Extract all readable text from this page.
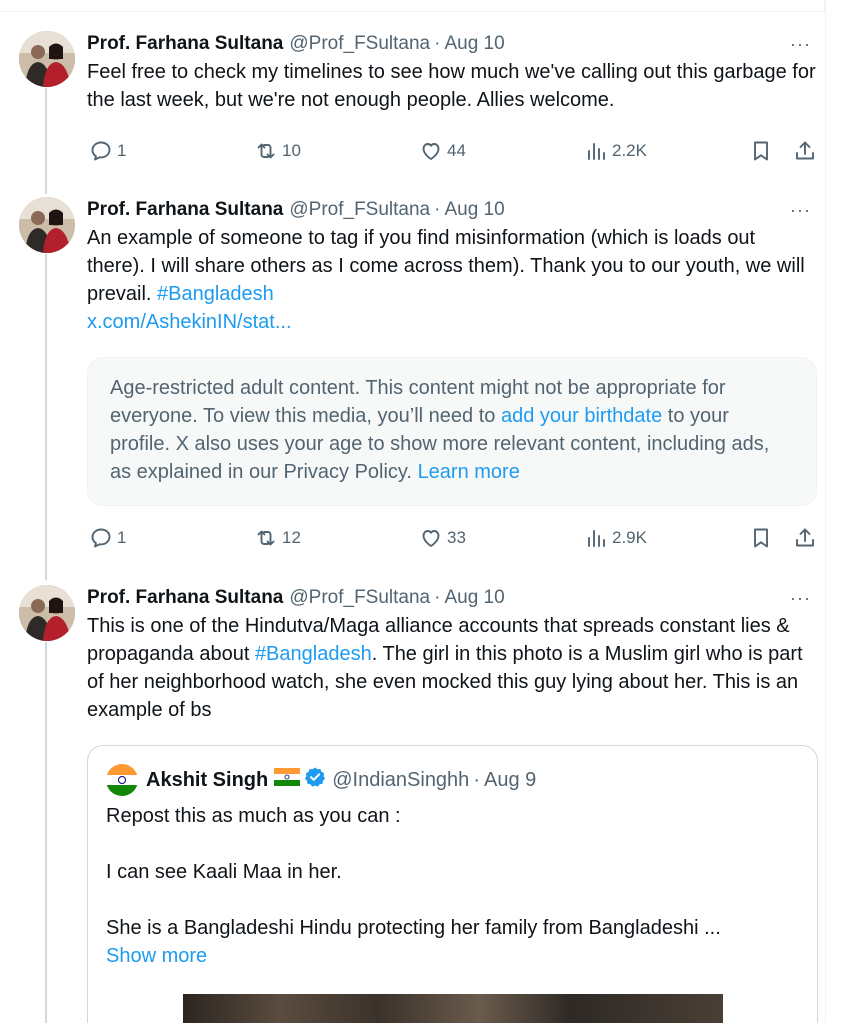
Prof. Farhana Sultana @Prof_FSultana · Aug 10	···
Feel free to check my timelines to see how much we've calling out this garbage for the last week, but we're not enough people. Allies welcome.
1	10	44	2.2K
Prof. Farhana Sultana @Prof_FSultana · Aug 10	···
An example of someone to tag if you find misinformation (which is loads out there). I will share others as I come across them). Thank you to our youth, we will prevail. #Bangladesh
x.com/AshekinIN/stat...
Age-restricted adult content. This content might not be appropriate for everyone. To view this media, you’ll need to add your birthdate to your profile. X also uses your age to show more relevant content, including ads, as explained in our Privacy Policy. Learn more
1	12	33	2.9K
Prof. Farhana Sultana @Prof_FSultana · Aug 10	···
This is one of the Hindutva/Maga alliance accounts that spreads constant lies & propaganda about #Bangladesh. The girl in this photo is a Muslim girl who is part of her neighborhood watch, she even mocked this guy lying about her. This is an example of bs
Akshit Singh	@IndianSinghh · Aug 9
Repost this as much as you can :
I can see Kaali Maa in her.
She is a Bangladeshi Hindu protecting her family from Bangladeshi ...
Show more
